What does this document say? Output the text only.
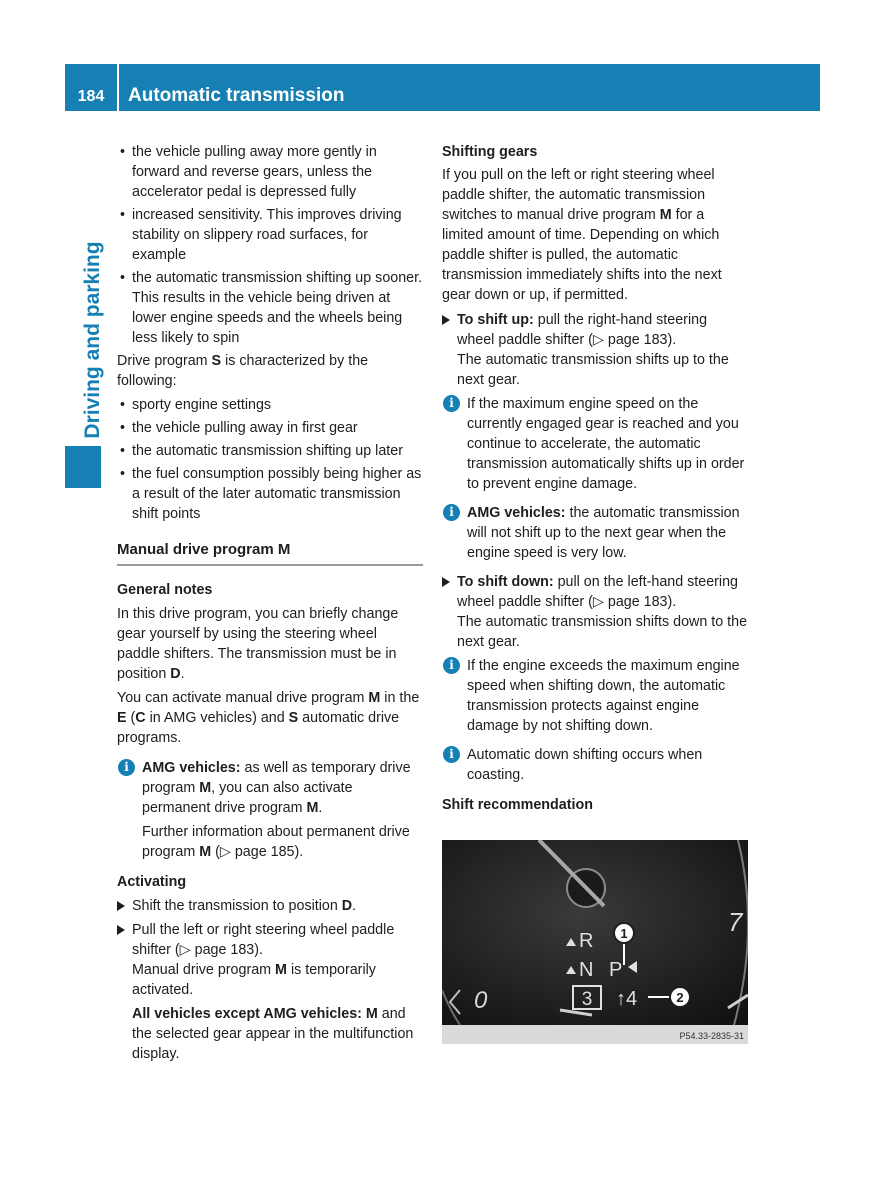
184	Automatic transmission
Driving and parking
• the vehicle pulling away more gently in forward and reverse gears, unless the accelerator pedal is depressed fully
• increased sensitivity. This improves driving stability on slippery road surfaces, for example
• the automatic transmission shifting up sooner. This results in the vehicle being driven at lower engine speeds and the wheels being less likely to spin

Drive program S is characterized by the following:

• sporty engine settings
• the vehicle pulling away in first gear
• the automatic transmission shifting up later
• the fuel consumption possibly being higher as a result of the later automatic transmission shift points
Manual drive program M
General notes

In this drive program, you can briefly change gear yourself by using the steering wheel paddle shifters. The transmission must be in position D.

You can activate manual drive program M in the E (C in AMG vehicles) and S automatic drive programs.

i AMG vehicles: as well as temporary drive program M, you can also activate permanent drive program M.

Further information about permanent drive program M (▷ page 185).

Activating
Shift the transmission to position D.
Pull the left or right steering wheel paddle shifter (▷ page 183).
Manual drive program M is temporarily activated.
All vehicles except AMG vehicles: M and the selected gear appear in the multifunction display.
Shifting gears

If you pull on the left or right steering wheel paddle shifter, the automatic transmission switches to manual drive program M for a limited amount of time. Depending on which paddle shifter is pulled, the automatic transmission immediately shifts into the next gear down or up, if permitted.

To shift up: pull the right-hand steering wheel paddle shifter (▷ page 183).
The automatic transmission shifts up to the next gear.
i If the maximum engine speed on the currently engaged gear is reached and you continue to accelerate, the automatic transmission automatically shifts up in order to prevent engine damage.
i AMG vehicles: the automatic transmission will not shift up to the next gear when the engine speed is very low.
To shift down: pull on the left-hand steering wheel paddle shifter (▷ page 183).
The automatic transmission shifts down to the next gear.
i If the engine exceeds the maximum engine speed when shifting down, the automatic transmission protects against engine damage by not shifting down.
i Automatic down shifting occurs when coasting.
Shift recommendation
7
0
R
N P
3 ↑4
1
2
P54.33-2835-31
